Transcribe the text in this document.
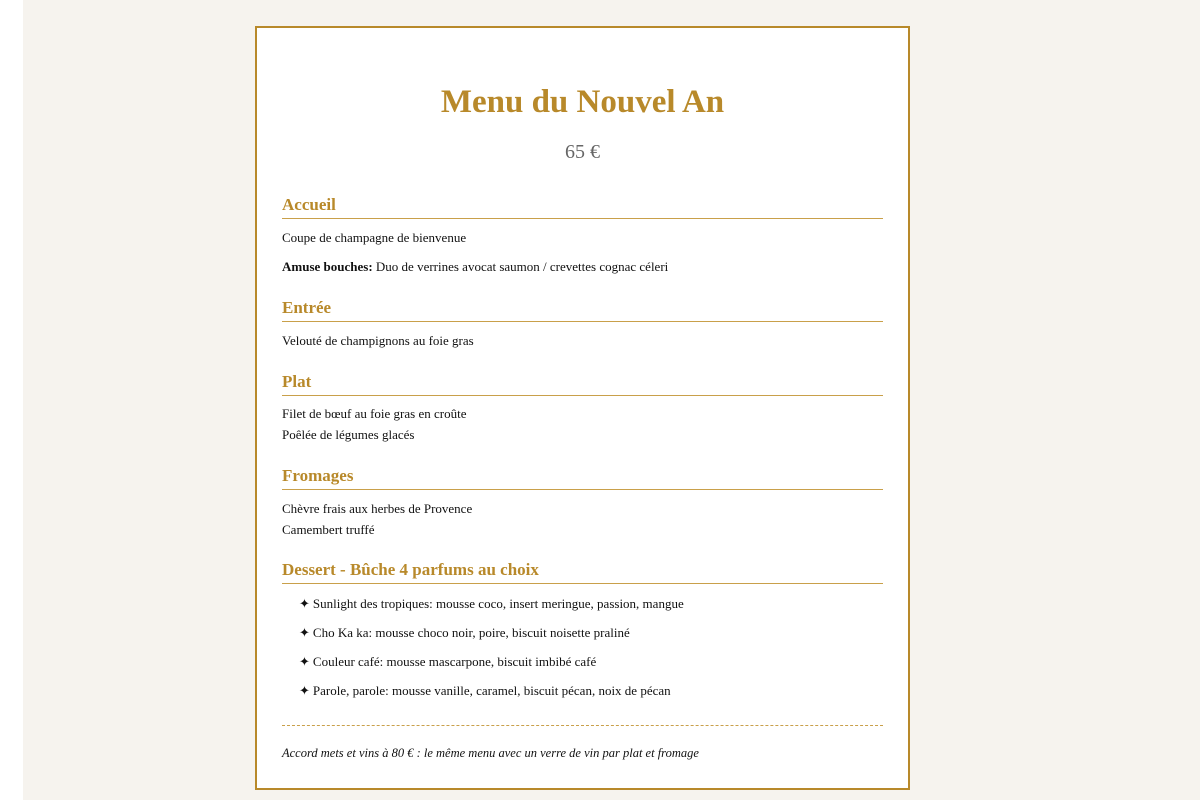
Menu du Nouvel An
65 €
Accueil
Coupe de champagne de bienvenue
Amuse bouches: Duo de verrines avocat saumon / crevettes cognac céleri
Entrée
Velouté de champignons au foie gras
Plat
Filet de bœuf au foie gras en croûte
Poêlée de légumes glacés
Fromages
Chèvre frais aux herbes de Provence
Camembert truffé
Dessert - Bûche 4 parfums au choix
✦ Sunlight des tropiques: mousse coco, insert meringue, passion, mangue
✦ Cho Ka ka: mousse choco noir, poire, biscuit noisette praliné
✦ Couleur café: mousse mascarpone, biscuit imbibé café
✦ Parole, parole: mousse vanille, caramel, biscuit pécan, noix de pécan
Accord mets et vins à 80 € : le même menu avec un verre de vin par plat et fromage
